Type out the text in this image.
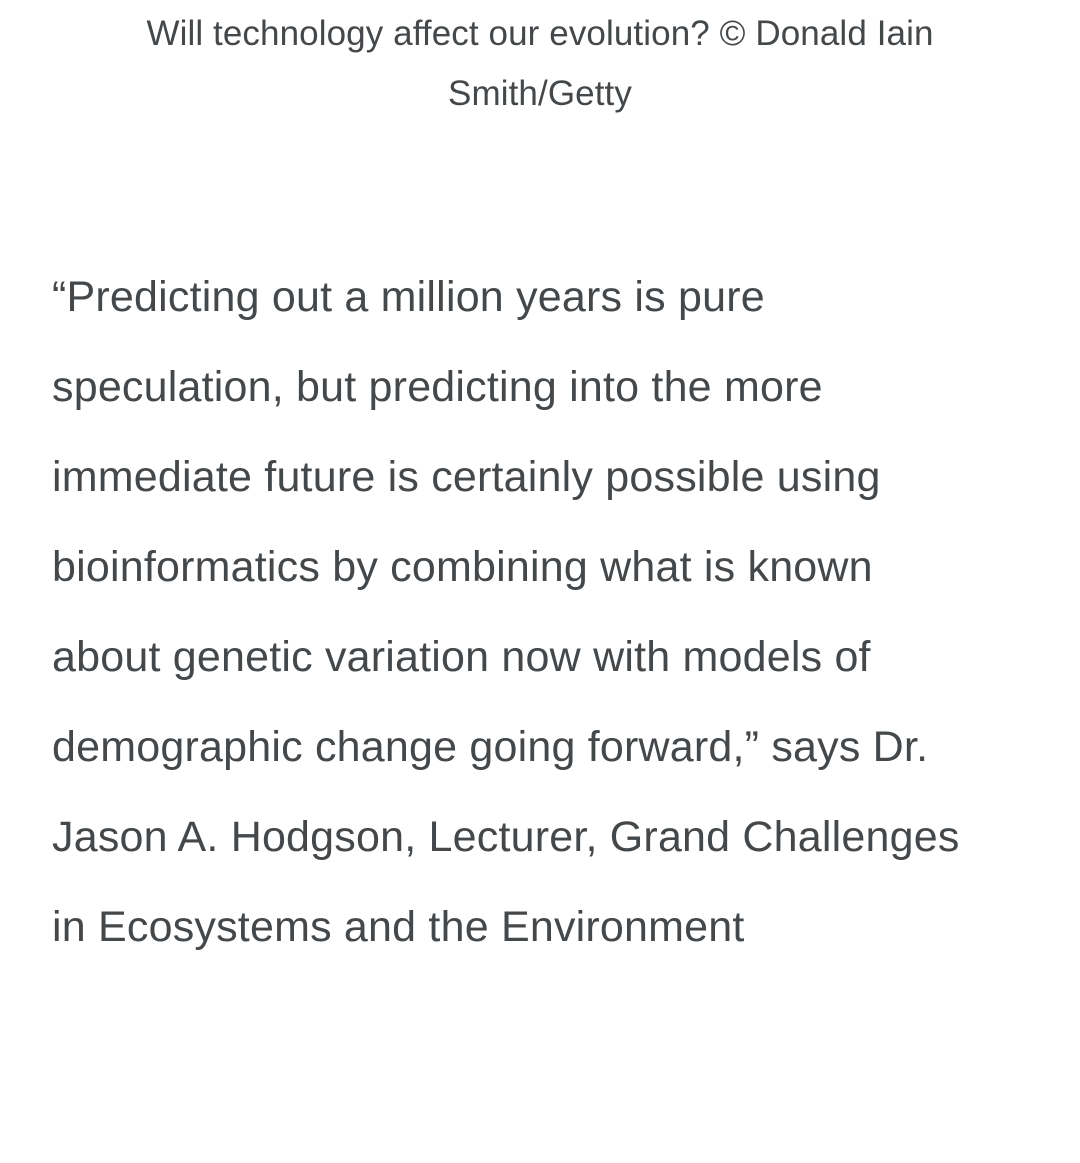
Will technology affect our evolution? © Donald Iain Smith/Getty
“Predicting out a million years is pure speculation, but predicting into the more immediate future is certainly possible using bioinformatics by combining what is known about genetic variation now with models of demographic change going forward,” says Dr. Jason A. Hodgson, Lecturer, Grand Challenges in Ecosystems and the Environment
